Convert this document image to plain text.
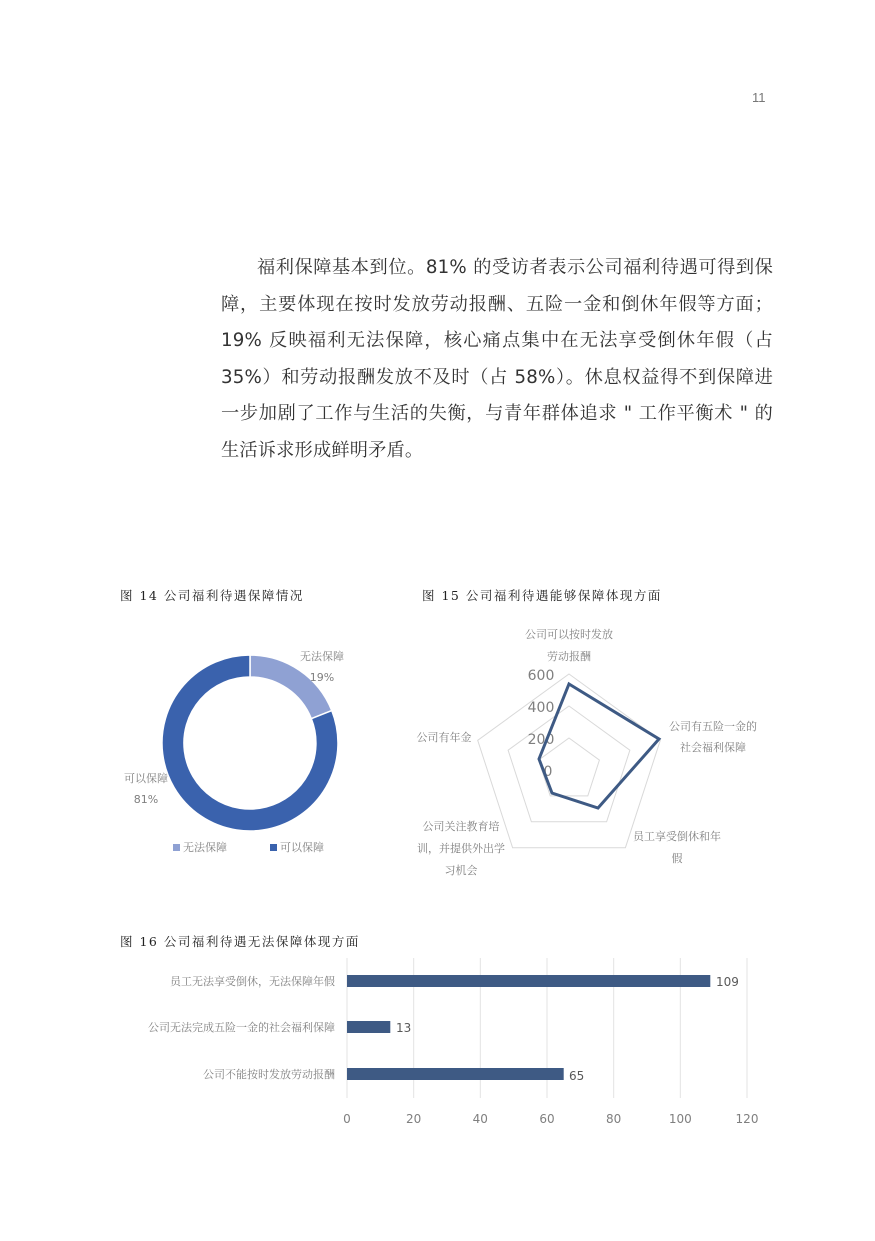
11

福利保障基本到位。81% 的受访者表示公司福利待遇可得到保障，主要体现在按时发放劳动报酬、五险一金和倒休年假等方面；19% 反映福利无法保障，核心痛点集中在无法享受倒休年假（占 35%）和劳动报酬发放不及时（占 58%）。休息权益得不到保障进一步加剧了工作与生活的失衡，与青年群体追求 " 工作平衡术 " 的生活诉求形成鲜明矛盾。

图 14 公司福利待遇保障情况
无法保障
19%
可以保障
81%
无法保障	可以保障
图 15 公司福利待遇能够保障体现方面
600
400
200
0
公司可以按时发放
劳动报酬
公司有五险一金的
社会福利保障
员工享受倒休和年
假
公司关注教育培
训，并提供外出学
习机会
公司有年金
图 16 公司福利待遇无法保障体现方面
员工无法享受倒休，无法保障年假
公司无法完成五险一金的社会福利保障
公司不能按时发放劳动报酬
109
13
65
0	20	40	60	80	100	120
